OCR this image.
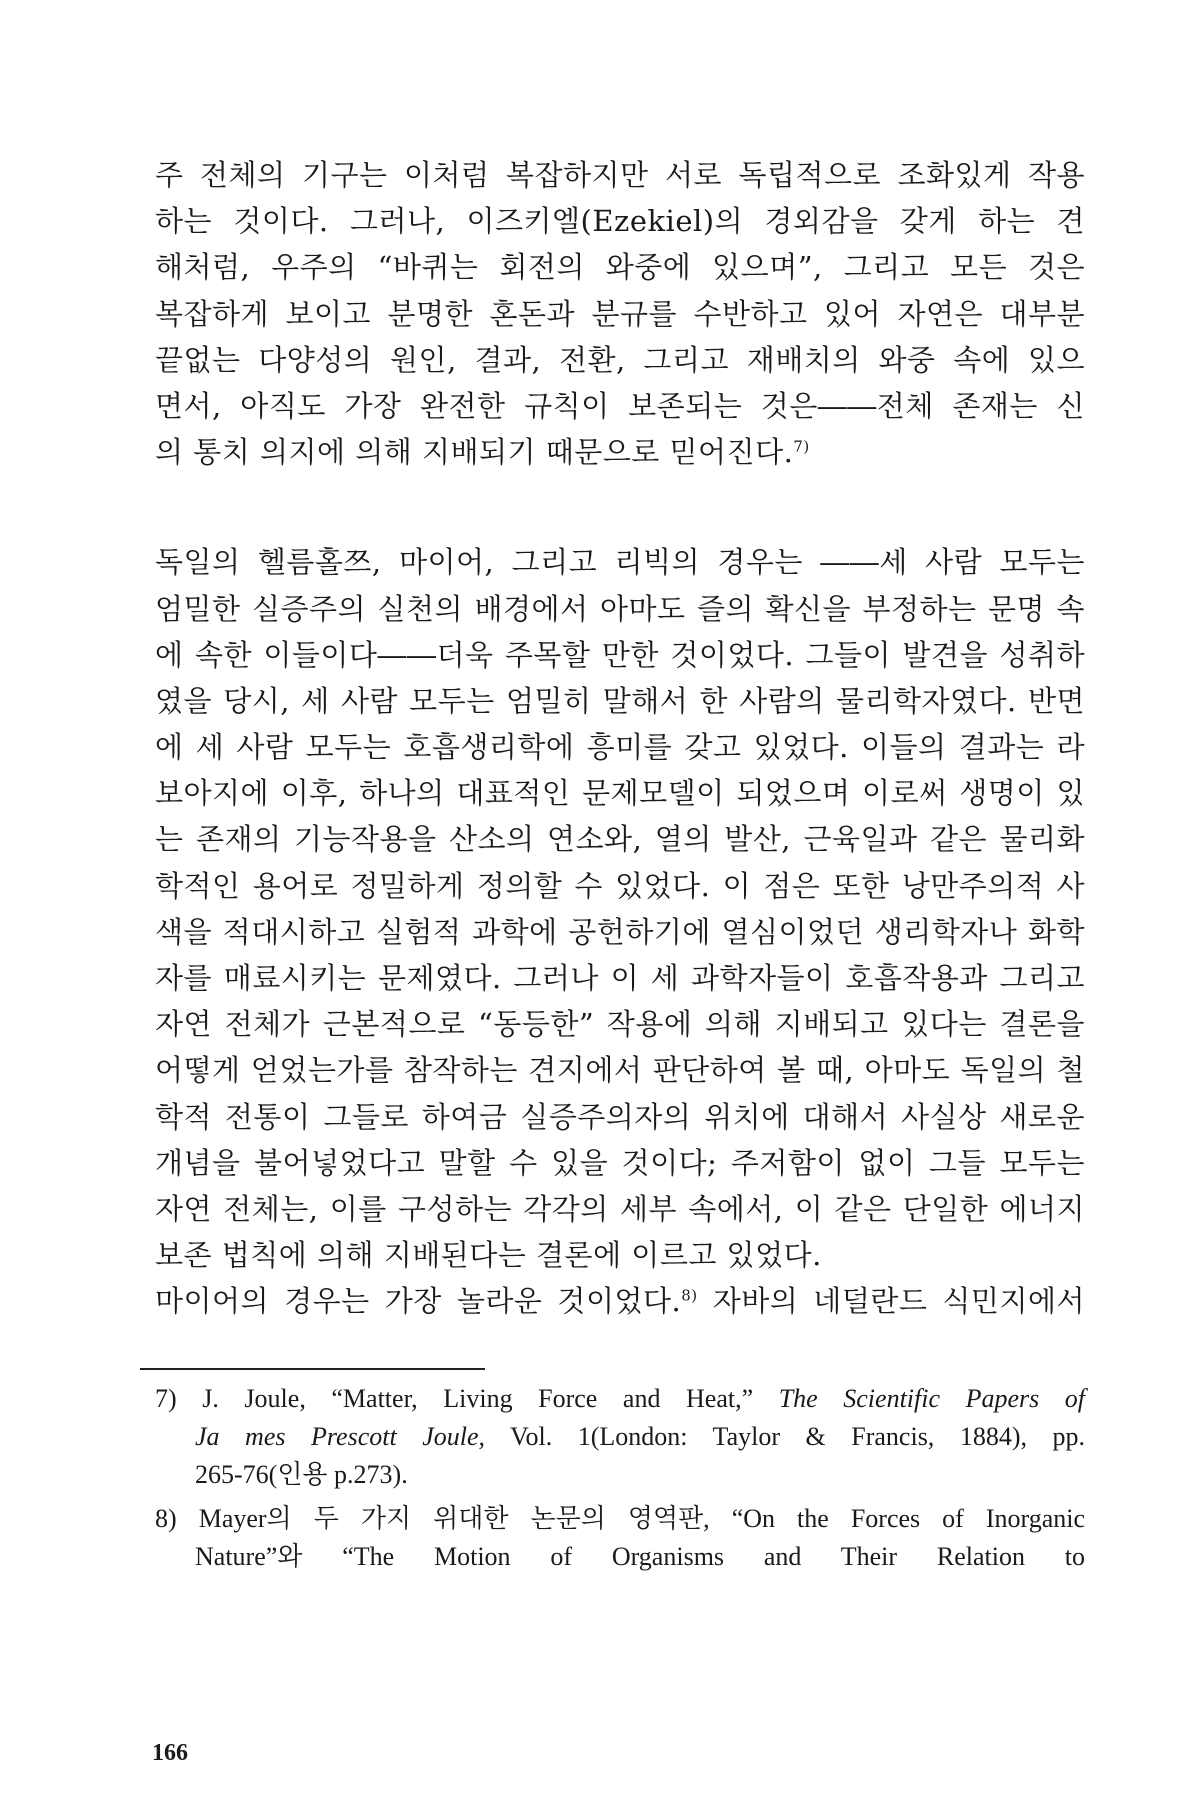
주 전체의 기구는 이처럼 복잡하지만 서로 독립적으로 조화있게 작용
하는 것이다. 그러나, 이즈키엘(Ezekiel)의 경외감을 갖게 하는 견
해처럼, 우주의 “바퀴는 회전의 와중에 있으며”, 그리고 모든 것은
복잡하게 보이고 분명한 혼돈과 분규를 수반하고 있어 자연은 대부분
끝없는 다양성의 원인, 결과, 전환, 그리고 재배치의 와중 속에 있으
면서, 아직도 가장 완전한 규칙이 보존되는 것은――전체 존재는 신
의 통치 의지에 의해 지배되기 때문으로 믿어진다.$^{7)}$
독일의 헬름홀쯔, 마이어, 그리고 리빅의 경우는 ――세 사람 모두는
엄밀한 실증주의 실천의 배경에서 아마도 즐의 확신을 부정하는 문명 속
에 속한 이들이다――더욱 주목할 만한 것이었다. 그들이 발견을 성취하
였을 당시, 세 사람 모두는 엄밀히 말해서 한 사람의 물리학자였다. 반면
에 세 사람 모두는 호흡생리학에 흥미를 갖고 있었다. 이들의 결과는 라
보아지에 이후, 하나의 대표적인 문제모델이 되었으며 이로써 생명이 있
는 존재의 기능작용을 산소의 연소와, 열의 발산, 근육일과 같은 물리화
학적인 용어로 정밀하게 정의할 수 있었다. 이 점은 또한 낭만주의적 사
색을 적대시하고 실험적 과학에 공헌하기에 열심이었던 생리학자나 화학
자를 매료시키는 문제였다. 그러나 이 세 과학자들이 호흡작용과 그리고
자연 전체가 근본적으로 “동등한” 작용에 의해 지배되고 있다는 결론을
어떻게 얻었는가를 참작하는 견지에서 판단하여 볼 때, 아마도 독일의 철
학적 전통이 그들로 하여금 실증주의자의 위치에 대해서 사실상 새로운
개념을 불어넣었다고 말할 수 있을 것이다; 주저함이 없이 그들 모두는
자연 전체는, 이를 구성하는 각각의 세부 속에서, 이 같은 단일한 에너지
보존 법칙에 의해 지배된다는 결론에 이르고 있었다.
마이어의 경우는 가장 놀라운 것이었다.$^{8)}$ 자바의 네덜란드 식민지에서
7) J. Joule, “Matter, Living Force and Heat,” The Scientific Papers of
Ja mes Prescott Joule, Vol. 1(London: Taylor & Francis, 1884), pp.
265-76(인용 p.273).
8) Mayer의 두 가지 위대한 논문의 영역판, “On the Forces of Inorganic
Nature”와 “The Motion of Organisms and Their Relation to
166
